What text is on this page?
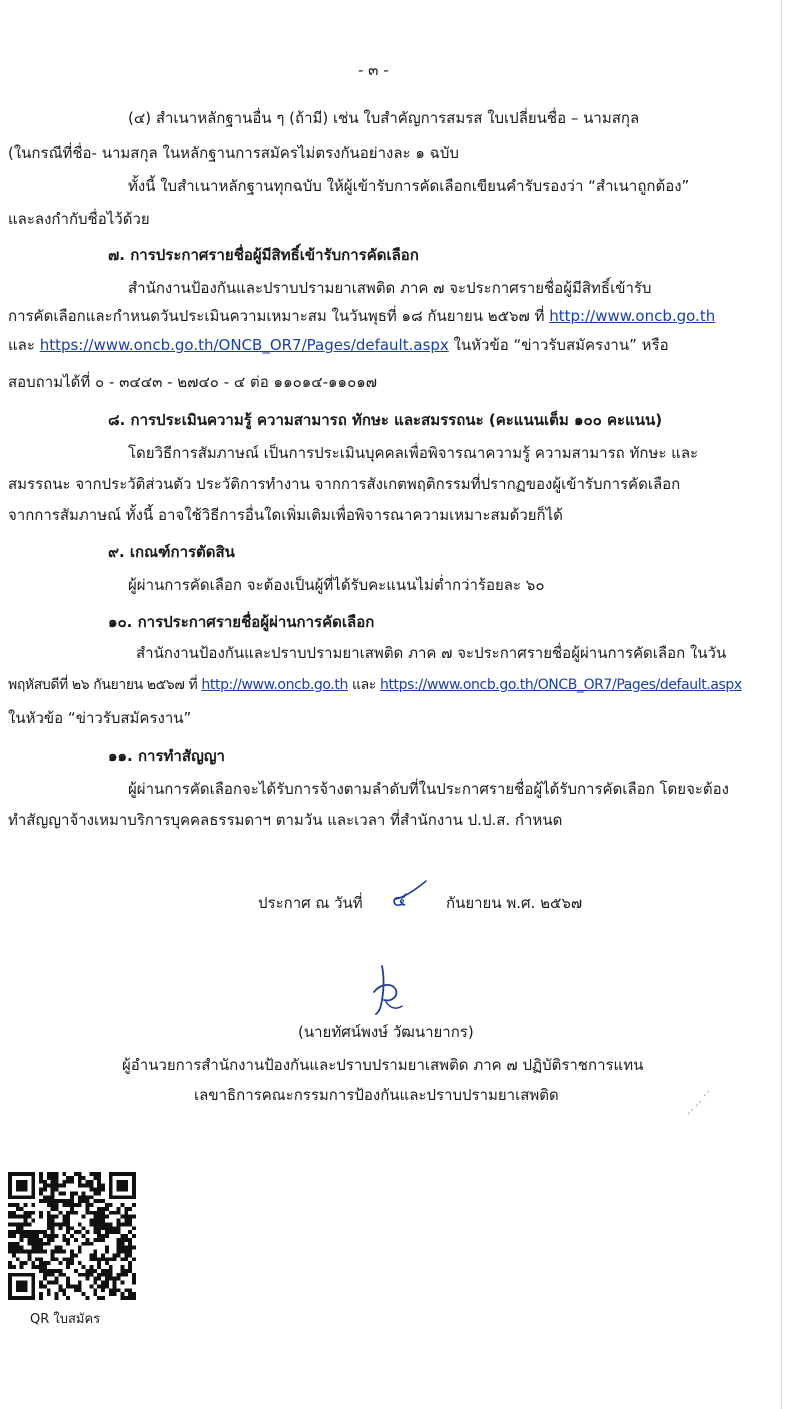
- ๓ -
(๔) สำเนาหลักฐานอื่น ๆ (ถ้ามี) เช่น ใบสำคัญการสมรส ใบเปลี่ยนชื่อ – นามสกุล
(ในกรณีที่ชื่อ- นามสกุล ในหลักฐานการสมัครไม่ตรงกันอย่างละ ๑ ฉบับ
ทั้งนี้ ใบสำเนาหลักฐานทุกฉบับ ให้ผู้เข้ารับการคัดเลือกเขียนคำรับรองว่า “สำเนาถูกต้อง”
และลงกำกับชื่อไว้ด้วย
๗. การประกาศรายชื่อผู้มีสิทธิ์เข้ารับการคัดเลือก
สำนักงานป้องกันและปราบปรามยาเสพติด ภาค ๗ จะประกาศรายชื่อผู้มีสิทธิ์เข้ารับ
การคัดเลือกและกำหนดวันประเมินความเหมาะสม ในวันพุธที่ ๑๘ กันยายน ๒๕๖๗ ที่ http://www.oncb.go.th
และ https://www.oncb.go.th/ONCB_OR7/Pages/default.aspx ในหัวข้อ “ข่าวรับสมัครงาน” หรือ
สอบถามได้ที่ ๐ - ๓๔๔๓ - ๒๗๔๐ - ๔ ต่อ ๑๑๐๑๔-๑๑๐๑๗
๘. การประเมินความรู้ ความสามารถ ทักษะ และสมรรถนะ (คะแนนเต็ม ๑๐๐ คะแนน)
โดยวิธีการสัมภาษณ์ เป็นการประเมินบุคคลเพื่อพิจารณาความรู้ ความสามารถ ทักษะ และ
สมรรถนะ จากประวัติส่วนตัว ประวัติการทำงาน จากการสังเกตพฤติกรรมที่ปรากฏของผู้เข้ารับการคัดเลือก
จากการสัมภาษณ์ ทั้งนี้ อาจใช้วิธีการอื่นใดเพิ่มเติมเพื่อพิจารณาความเหมาะสมด้วยก็ได้
๙. เกณฑ์การตัดสิน
ผู้ผ่านการคัดเลือก จะต้องเป็นผู้ที่ได้รับคะแนนไม่ต่ำกว่าร้อยละ ๖๐
๑๐. การประกาศรายชื่อผู้ผ่านการคัดเลือก
สำนักงานป้องกันและปราบปรามยาเสพติด ภาค ๗ จะประกาศรายชื่อผู้ผ่านการคัดเลือก ในวัน
พฤหัสบดีที่ ๒๖ กันยายน ๒๕๖๗ ที่ http://www.oncb.go.th และ https://www.oncb.go.th/ONCB_OR7/Pages/default.aspx
ในหัวข้อ “ข่าวรับสมัครงาน”
๑๑. การทำสัญญา
ผู้ผ่านการคัดเลือกจะได้รับการจ้างตามลำดับที่ในประกาศรายชื่อผู้ได้รับการคัดเลือก โดยจะต้อง
ทำสัญญาจ้างเหมาบริการบุคคลธรรมดาฯ ตามวัน และเวลา ที่สำนักงาน ป.ป.ส. กำหนด
ประกาศ ณ วันที่ ๔	กันยายน พ.ศ. ๒๕๖๗
(นายทัศน์พงษ์ วัฒนายากร)
ผู้อำนวยการสำนักงานป้องกันและปราบปรามยาเสพติด ภาค ๗ ปฏิบัติราชการแทน
เลขาธิการคณะกรรมการป้องกันและปราบปรามยาเสพติด
QR ใบสมัคร
